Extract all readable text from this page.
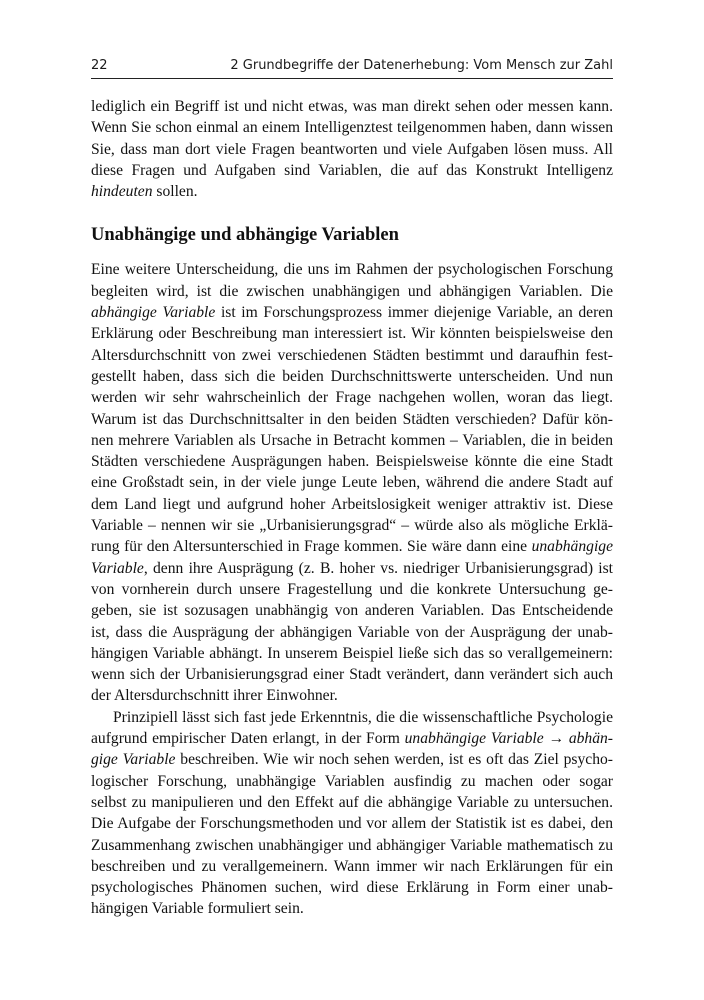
22	2 Grundbegriffe der Datenerhebung: Vom Mensch zur Zahl
lediglich ein Begriff ist und nicht etwas, was man direkt sehen oder messen kann.
Wenn Sie schon einmal an einem Intelligenztest teilgenommen haben, dann wissen
Sie, dass man dort viele Fragen beantworten und viele Aufgaben lösen muss. All
diese Fragen und Aufgaben sind Variablen, die auf das Konstrukt Intelligenz
hindeuten sollen.
Unabhängige und abhängige Variablen
Eine weitere Unterscheidung, die uns im Rahmen der psychologischen Forschung
begleiten wird, ist die zwischen unabhängigen und abhängigen Variablen. Die
abhängige Variable ist im Forschungsprozess immer diejenige Variable, an deren
Erklärung oder Beschreibung man interessiert ist. Wir könnten beispielsweise den
Altersdurchschnitt von zwei verschiedenen Städten bestimmt und daraufhin fest-
gestellt haben, dass sich die beiden Durchschnittswerte unterscheiden. Und nun
werden wir sehr wahrscheinlich der Frage nachgehen wollen, woran das liegt.
Warum ist das Durchschnittsalter in den beiden Städten verschieden? Dafür kön-
nen mehrere Variablen als Ursache in Betracht kommen – Variablen, die in beiden
Städten verschiedene Ausprägungen haben. Beispielsweise könnte die eine Stadt
eine Großstadt sein, in der viele junge Leute leben, während die andere Stadt auf
dem Land liegt und aufgrund hoher Arbeitslosigkeit weniger attraktiv ist. Diese
Variable – nennen wir sie „Urbanisierungsgrad“ – würde also als mögliche Erklä-
rung für den Altersunterschied in Frage kommen. Sie wäre dann eine unabhängige
Variable, denn ihre Ausprägung (z. B. hoher vs. niedriger Urbanisierungsgrad) ist
von vornherein durch unsere Fragestellung und die konkrete Untersuchung ge-
geben, sie ist sozusagen unabhängig von anderen Variablen. Das Entscheidende
ist, dass die Ausprägung der abhängigen Variable von der Ausprägung der unab-
hängigen Variable abhängt. In unserem Beispiel ließe sich das so verallgemeinern:
wenn sich der Urbanisierungsgrad einer Stadt verändert, dann verändert sich auch
der Altersdurchschnitt ihrer Einwohner.
Prinzipiell lässt sich fast jede Erkenntnis, die die wissenschaftliche Psychologie
aufgrund empirischer Daten erlangt, in der Form unabhängige Variable → abhän-
gige Variable beschreiben. Wie wir noch sehen werden, ist es oft das Ziel psycho-
logischer Forschung, unabhängige Variablen ausfindig zu machen oder sogar
selbst zu manipulieren und den Effekt auf die abhängige Variable zu untersuchen.
Die Aufgabe der Forschungsmethoden und vor allem der Statistik ist es dabei, den
Zusammenhang zwischen unabhängiger und abhängiger Variable mathematisch zu
beschreiben und zu verallgemeinern. Wann immer wir nach Erklärungen für ein
psychologisches Phänomen suchen, wird diese Erklärung in Form einer unab-
hängigen Variable formuliert sein.
